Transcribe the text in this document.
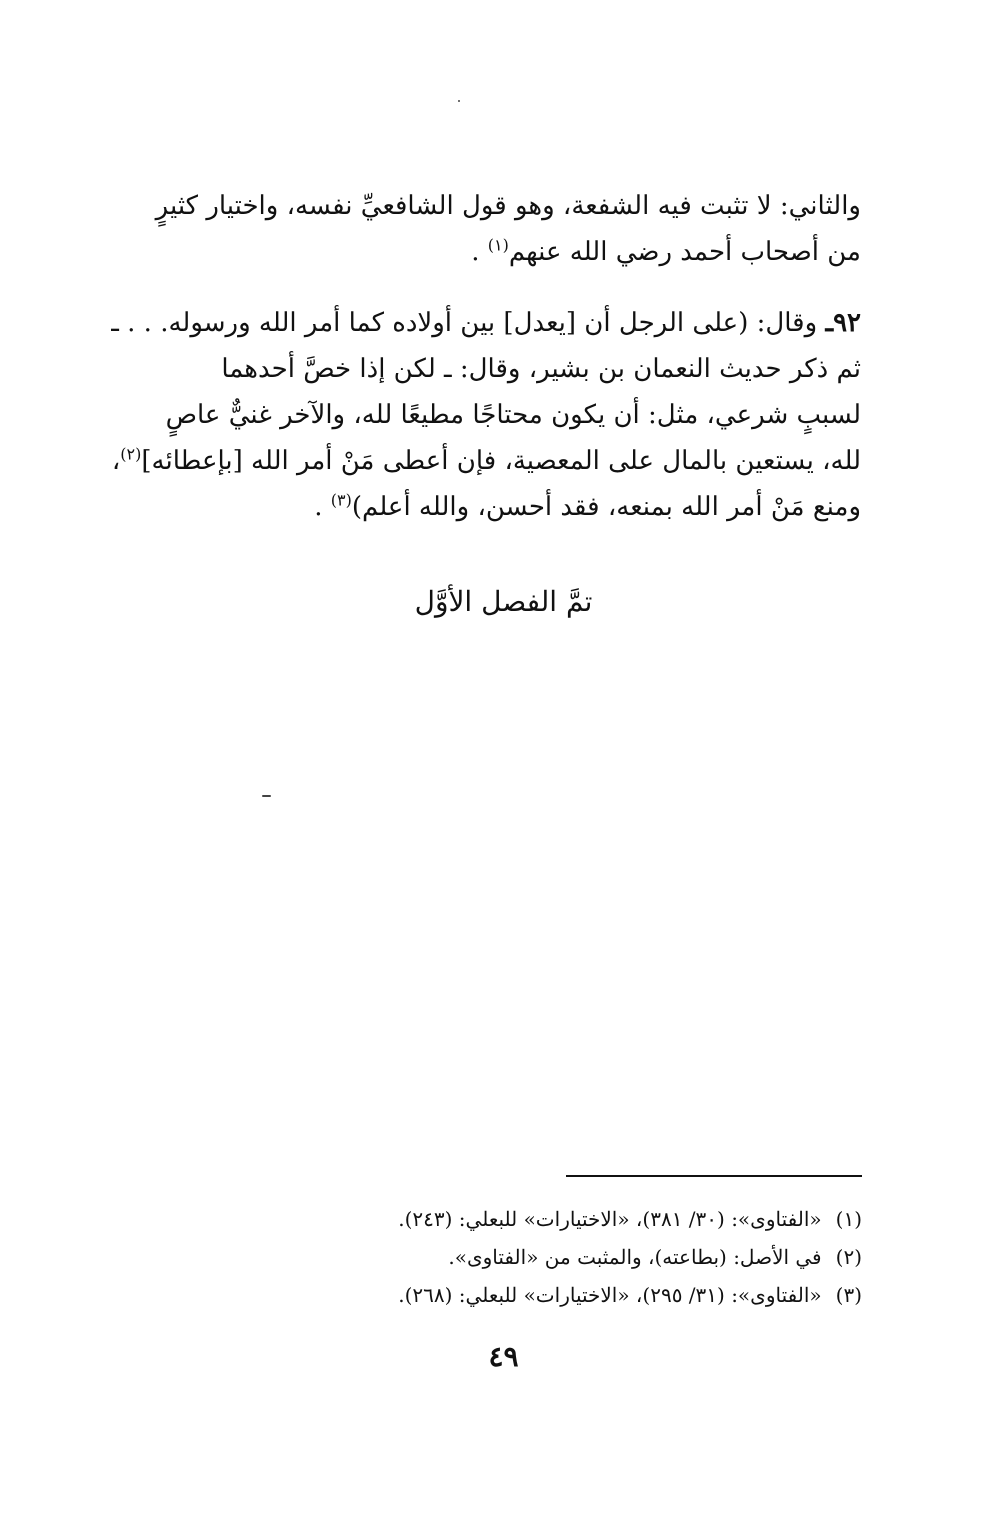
والثاني: لا تثبت فيه الشفعة، وهو قول الشافعيِّ نفسه، واختيار كثيرٍ
من أصحاب أحمد رضي الله عنهم$^{(١)}$ .
٩٢ـ وقال: (على الرجل أن [يعدل] بين أولاده كما أمر الله ورسوله. . . ـ
ثم ذكر حديث النعمان بن بشير، وقال: ـ لكن إذا خصَّ أحدهما
لسببٍ شرعي، مثل: أن يكون محتاجًا مطيعًا لله، والآخر غنيٌّ عاصٍ
لله، يستعين بالمال على المعصية، فإن أعطى مَنْ أمر الله [بإعطائه]$^{(٢)}$،
ومنع مَنْ أمر الله بمنعه، فقد أحسن، والله أعلم)$^{(٣)}$ .
تمَّ الفصل الأوَّل
(١)«الفتاوى»: (٣٠/ ٣٨١)، «الاختيارات» للبعلي: (٢٤٣).
(٢)في الأصل: (بطاعته)، والمثبت من «الفتاوى».
(٣)«الفتاوى»: (٣١/ ٢٩٥)، «الاختيارات» للبعلي: (٢٦٨).
٤٩
